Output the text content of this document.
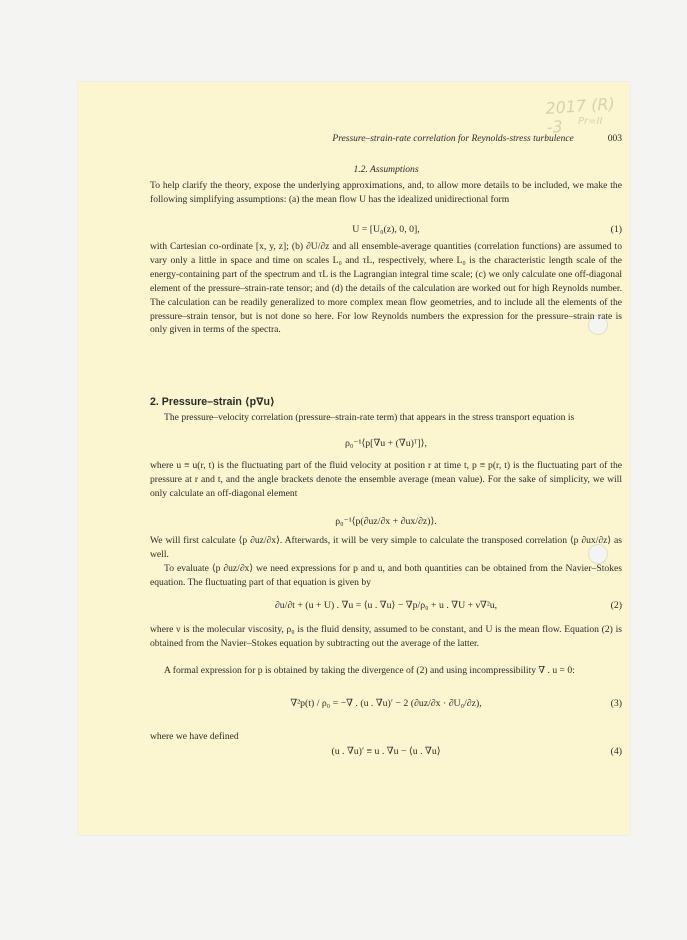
2017 (R) -3	Pr=II
Pressure–strain-rate correlation for Reynolds-stress turbulence	003
1.2. Assumptions

To help clarify the theory, expose the underlying approximations, and, to allow more details to be included, we make the following simplifying assumptions: (a) the mean flow U has the idealized unidirectional form

U = [U₀(z), 0, 0],	(1)

with Cartesian co-ordinate [x, y, z]; (b) ∂U/∂z and all ensemble-average quantities (correlation functions) are assumed to vary only a little in space and time on scales L₀ and τL, respectively, where L₀ is the characteristic length scale of the energy-containing part of the spectrum and τL is the Lagrangian integral time scale; (c) we only calculate one off-diagonal element of the pressure–strain-rate tensor; and (d) the details of the calculation are worked out for high Reynolds number. The calculation can be readily generalized to more complex mean flow geometries, and to include all the elements of the pressure–strain tensor, but is not done so here. For low Reynolds numbers the expression for the pressure–strain rate is only given in terms of the spectra.

2. Pressure–strain ⟨p∇u⟩

The pressure–velocity correlation (pressure–strain-rate term) that appears in the stress transport equation is

ρ₀⁻¹⟨p[∇u + (∇u)ᵀ]⟩,

where u ≡ u(r, t) is the fluctuating part of the fluid velocity at position r at time t, p ≡ p(r, t) is the fluctuating part of the pressure at r and t, and the angle brackets denote the ensemble average (mean value). For the sake of simplicity, we will only calculate an off-diagonal element

ρ₀⁻¹⟨p(∂uz/∂x + ∂ux/∂z)⟩.

We will first calculate ⟨p ∂uz/∂x⟩. Afterwards, it will be very simple to calculate the transposed correlation ⟨p ∂ux/∂z⟩ as well.

To evaluate ⟨p ∂uz/∂x⟩ we need expressions for p and u, and both quantities can be obtained from the Navier–Stokes equation. The fluctuating part of that equation is given by

∂u/∂t + (u + U) . ∇u = ⟨u . ∇u⟩ − ∇p/ρ₀ + u . ∇U + ν∇²u,	(2)

where ν is the molecular viscosity, ρ₀ is the fluid density, assumed to be constant, and U is the mean flow. Equation (2) is obtained from the Navier–Stokes equation by subtracting out the average of the latter.

A formal expression for p is obtained by taking the divergence of (2) and using incompressibility ∇ . u = 0:

∇²p(t) / ρ₀ = −∇ . (u . ∇u)′ − 2 (∂uz/∂x · ∂U₀/∂z),	(3)

where we have defined

(u . ∇u)′ ≡ u . ∇u − ⟨u . ∇u⟩	(4)
